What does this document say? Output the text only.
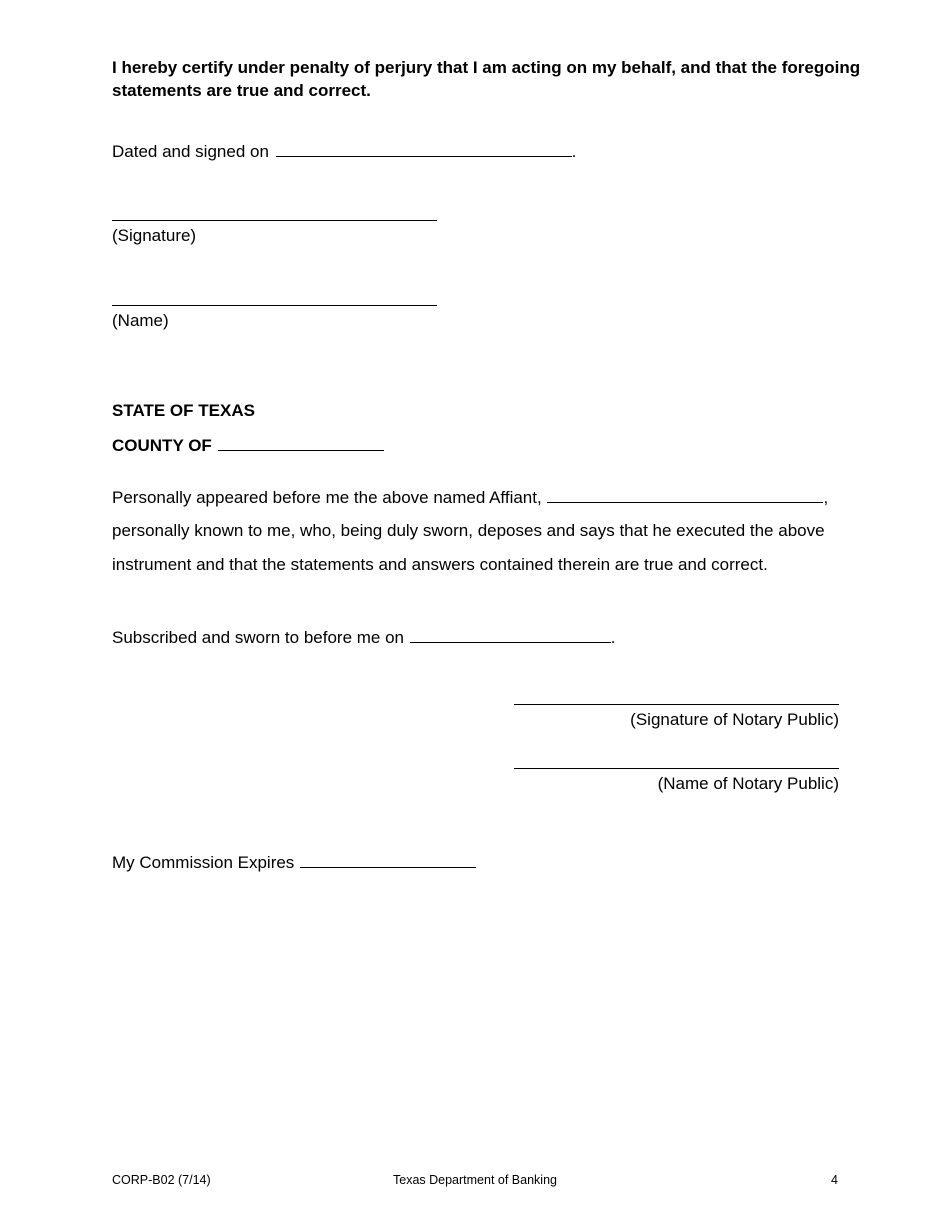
I hereby certify under penalty of perjury that I am acting on my behalf, and that the foregoing
statements are true and correct.
Dated and signed on	.
(Signature)
(Name)
STATE OF TEXAS
COUNTY OF
Personally appeared before me the above named Affiant,	,
personally known to me, who, being duly sworn, deposes and says that he executed the above
instrument and that the statements and answers contained therein are true and correct.
Subscribed and sworn to before me on	.
(Signature of Notary Public)
(Name of Notary Public)
My Commission Expires
CORP-B02 (7/14)	Texas Department of Banking	4
